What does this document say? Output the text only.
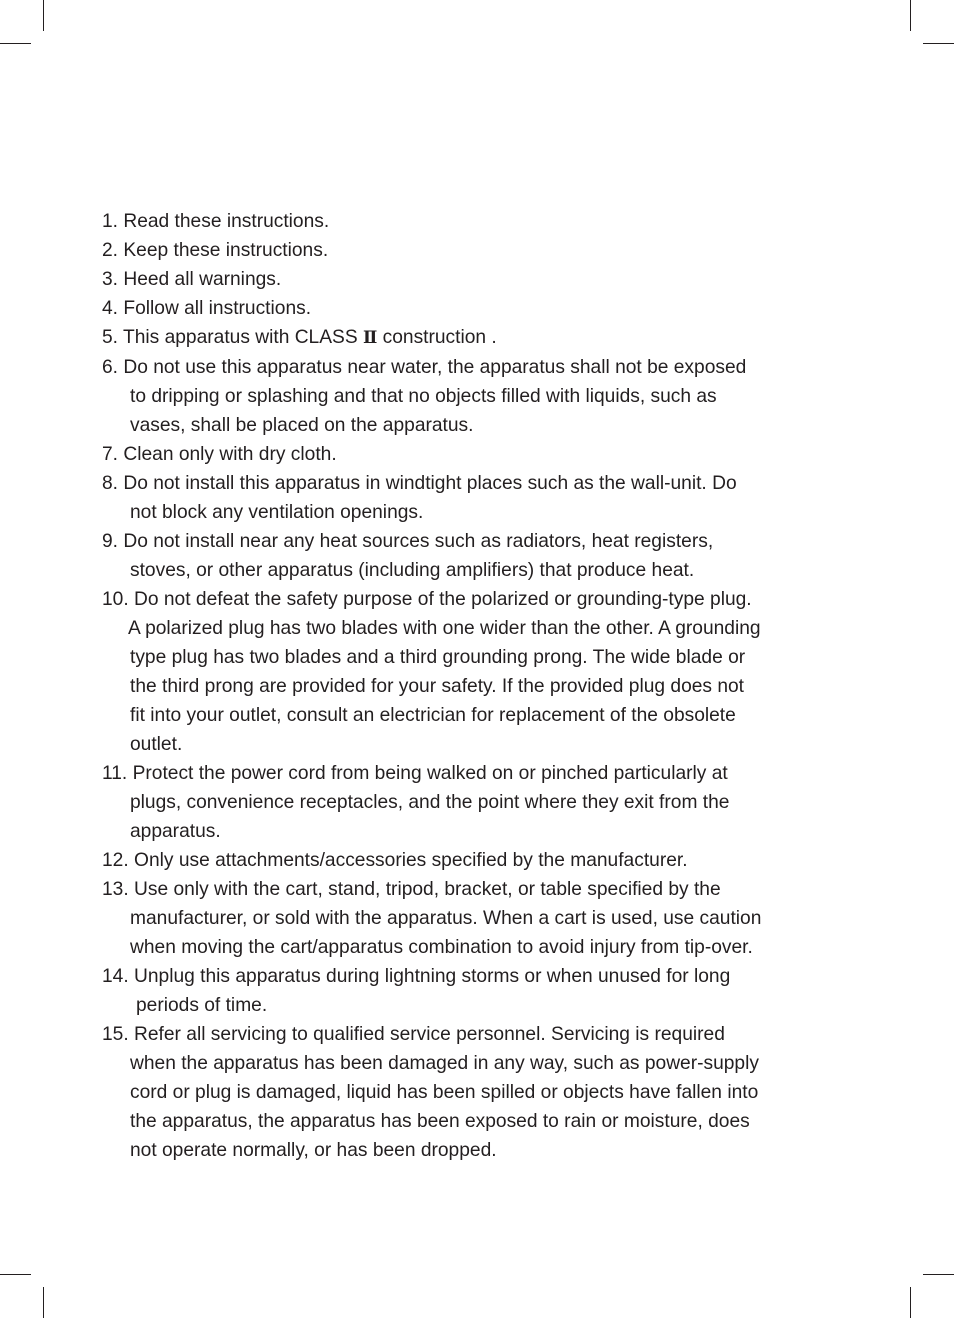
1. Read these instructions.
2. Keep these instructions.
3. Heed all warnings.
4. Follow all instructions.
5. This apparatus with CLASS Ⅱ construction .
6. Do not use this apparatus near water, the apparatus shall not be exposed
to dripping or splashing and that no objects filled with liquids, such as
vases, shall be placed on the apparatus.
7. Clean only with dry cloth.
8. Do not install this apparatus in windtight places such as the wall-unit. Do
not block any ventilation openings.
9. Do not install near any heat sources such as radiators, heat registers,
stoves, or other apparatus (including amplifiers) that produce heat.
10. Do not defeat the safety purpose of the polarized or grounding-type plug.
A polarized plug has two blades with one wider than the other. A grounding
type plug has two blades and a third grounding prong. The wide blade or
the third prong are provided for your safety. If the provided plug does not
fit into your outlet, consult an electrician for replacement of the obsolete
outlet.
11. Protect the power cord from being walked on or pinched particularly at
plugs, convenience receptacles, and the point where they exit from the
apparatus.
12. Only use attachments/accessories specified by the manufacturer.
13. Use only with the cart, stand, tripod, bracket, or table specified by the
manufacturer, or sold with the apparatus. When a cart is used, use caution
when moving the cart/apparatus combination to avoid injury from tip-over.
14. Unplug this apparatus during lightning storms or when unused for long
periods of time.
15. Refer all servicing to qualified service personnel. Servicing is required
when the apparatus has been damaged in any way, such as power-supply
cord or plug is damaged, liquid has been spilled or objects have fallen into
the apparatus, the apparatus has been exposed to rain or moisture, does
not operate normally, or has been dropped.
